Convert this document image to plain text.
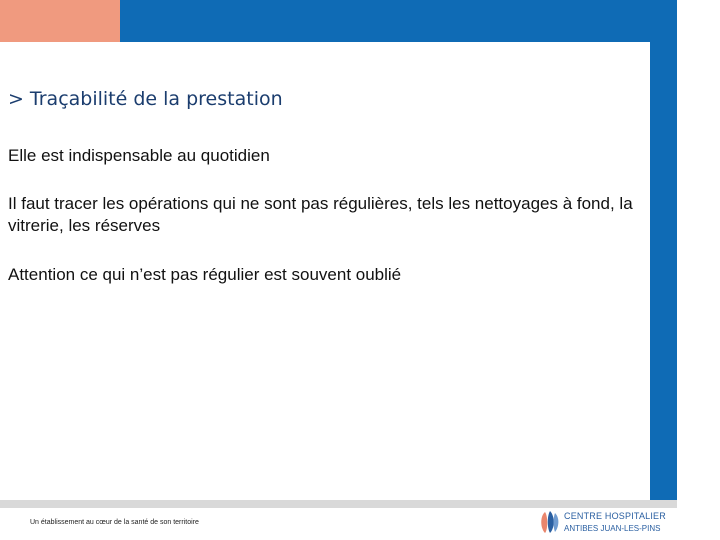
> Traçabilité de la prestation

Elle est indispensable au quotidien

Il faut tracer les opérations qui ne sont pas régulières, tels les nettoyages à fond, la vitrerie, les réserves

Attention ce qui n’est pas régulier est souvent oublié

Un établissement au cœur de la santé de son territoire
CENTRE HOSPITALIER
ANTIBES JUAN-LES-PINS
